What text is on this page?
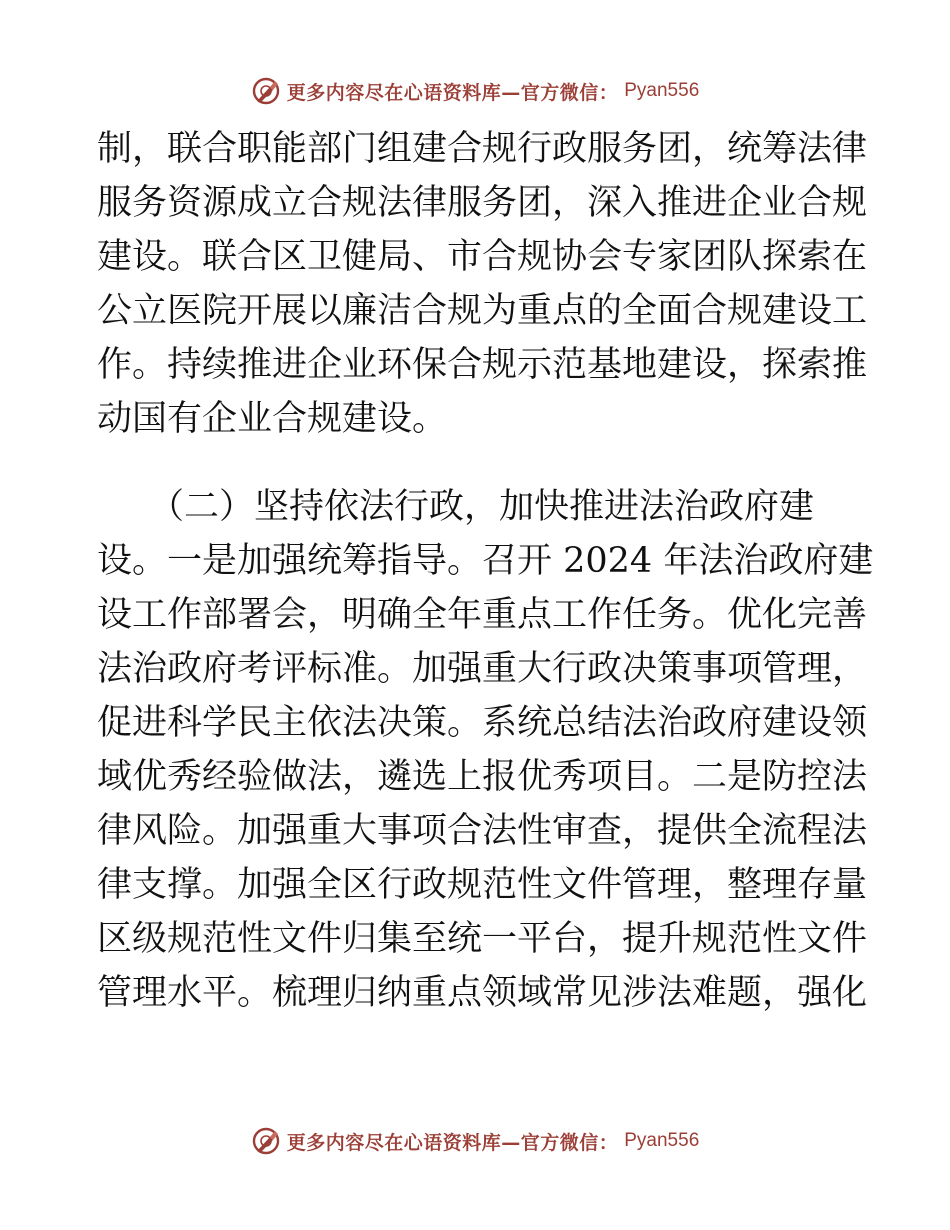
更多内容尽在心语资料库—官方微信： Pyan556
制，联合职能部门组建合规行政服务团，统筹法律
服务资源成立合规法律服务团，深入推进企业合规
建设。联合区卫健局、市合规协会专家团队探索在
公立医院开展以廉洁合规为重点的全面合规建设工
作。持续推进企业环保合规示范基地建设，探索推
动国有企业合规建设。
（二）坚持依法行政，加快推进法治政府建
设。一是加强统筹指导。召开 2024 年法治政府建
设工作部署会，明确全年重点工作任务。优化完善
法治政府考评标准。加强重大行政决策事项管理，
促进科学民主依法决策。系统总结法治政府建设领
域优秀经验做法，遴选上报优秀项目。二是防控法
律风险。加强重大事项合法性审查，提供全流程法
律支撑。加强全区行政规范性文件管理，整理存量
区级规范性文件归集至统一平台，提升规范性文件
管理水平。梳理归纳重点领域常见涉法难题，强化
更多内容尽在心语资料库—官方微信： Pyan556
